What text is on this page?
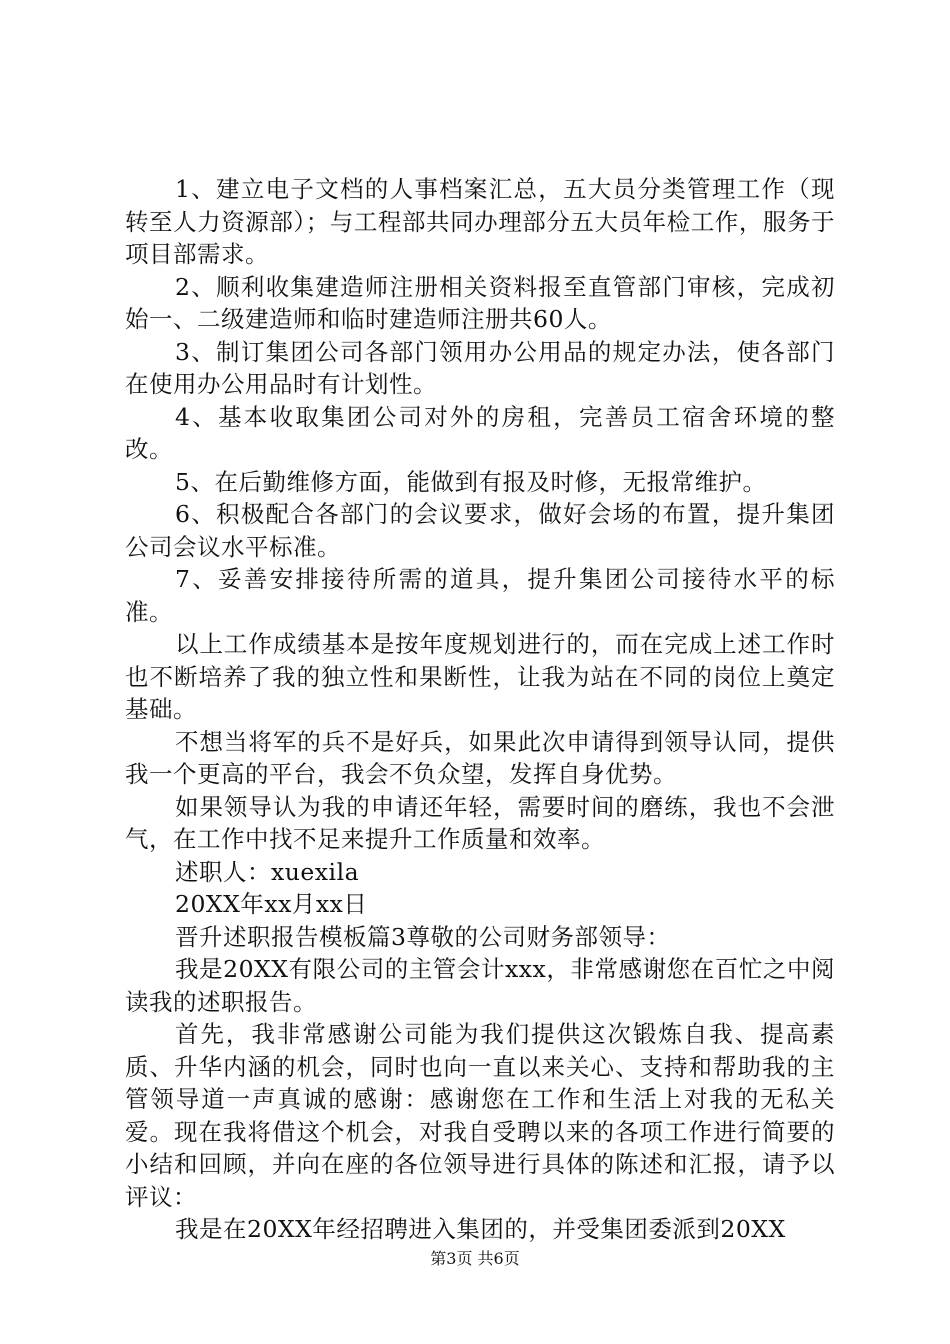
1、建立电子文档的人事档案汇总，五大员分类管理工作（现转至人力资源部）；与工程部共同办理部分五大员年检工作，服务于项目部需求。

2、顺利收集建造师注册相关资料报至直管部门审核，完成初始一、二级建造师和临时建造师注册共60人。

3、制订集团公司各部门领用办公用品的规定办法，使各部门在使用办公用品时有计划性。

4、基本收取集团公司对外的房租，完善员工宿舍环境的整改。

5、在后勤维修方面，能做到有报及时修，无报常维护。

6、积极配合各部门的会议要求，做好会场的布置，提升集团公司会议水平标准。

7、妥善安排接待所需的道具，提升集团公司接待水平的标准。

以上工作成绩基本是按年度规划进行的，而在完成上述工作时也不断培养了我的独立性和果断性，让我为站在不同的岗位上奠定基础。

不想当将军的兵不是好兵，如果此次申请得到领导认同，提供我一个更高的平台，我会不负众望，发挥自身优势。

如果领导认为我的申请还年轻，需要时间的磨练，我也不会泄气，在工作中找不足来提升工作质量和效率。

述职人：xuexila

20XX年xx月xx日

晋升述职报告模板篇3尊敬的公司财务部领导：

我是20XX有限公司的主管会计xxx，非常感谢您在百忙之中阅读我的述职报告。

首先，我非常感谢公司能为我们提供这次锻炼自我、提高素质、升华内涵的机会，同时也向一直以来关心、支持和帮助我的主管领导道一声真诚的感谢：感谢您在工作和生活上对我的无私关爱。现在我将借这个机会，对我自受聘以来的各项工作进行简要的小结和回顾，并向在座的各位领导进行具体的陈述和汇报，请予以评议：

我是在20XX年经招聘进入集团的，并受集团委派到20XX

第3页 共6页
